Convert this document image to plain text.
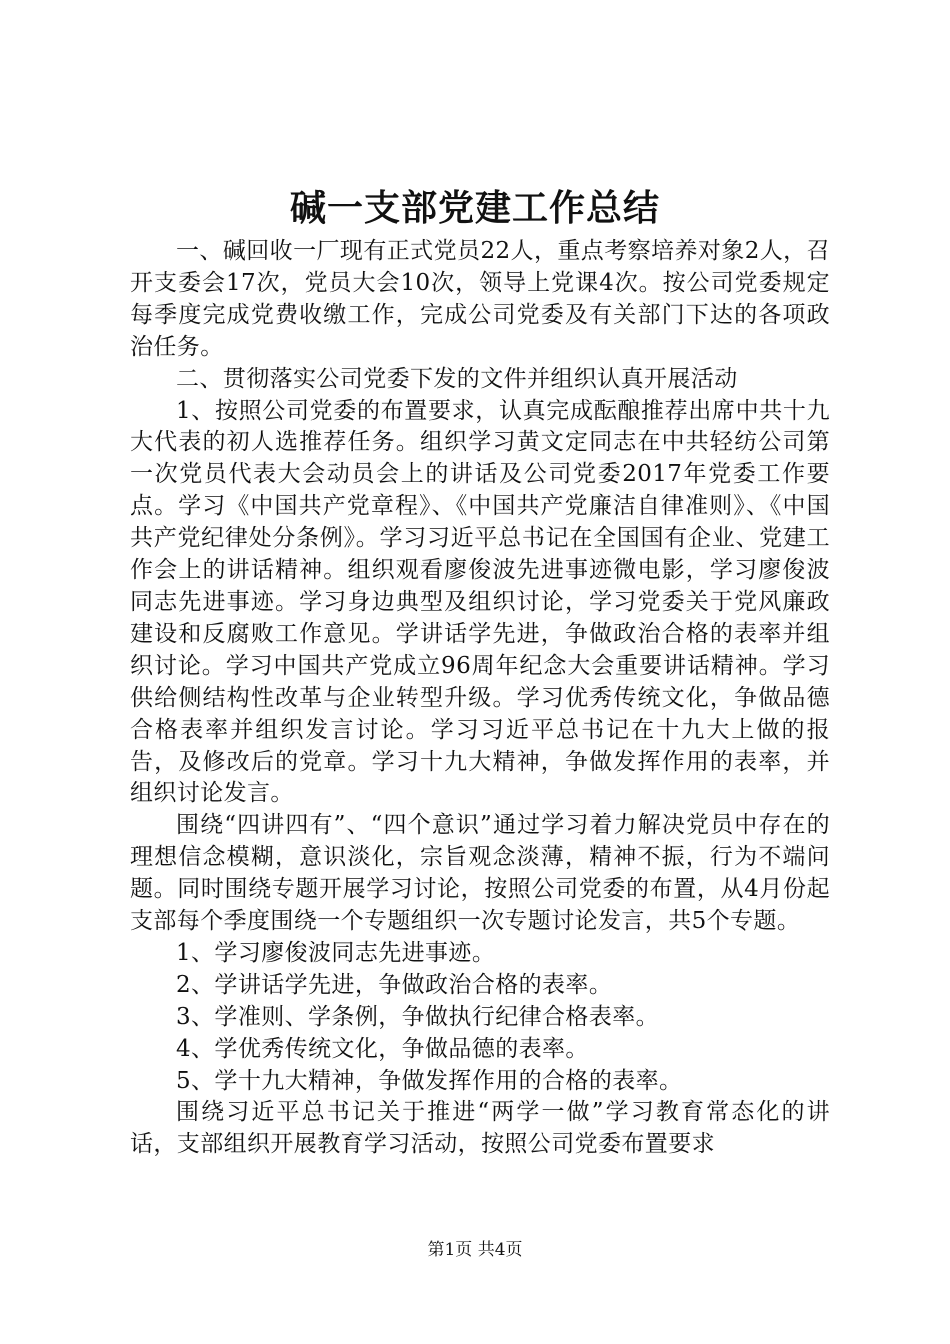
碱一支部党建工作总结

一、碱回收一厂现有正式党员22人，重点考察培养对象2人，召开支委会17次，党员大会10次，领导上党课4次。按公司党委规定每季度完成党费收缴工作，完成公司党委及有关部门下达的各项政治任务。

二、贯彻落实公司党委下发的文件并组织认真开展活动

1、按照公司党委的布置要求，认真完成酝酿推荐出席中共十九大代表的初人选推荐任务。组织学习黄文定同志在中共轻纺公司第一次党员代表大会动员会上的讲话及公司党委2017年党委工作要点。学习《中国共产党章程》、《中国共产党廉洁自律准则》、《中国共产党纪律处分条例》。学习习近平总书记在全国国有企业、党建工作会上的讲话精神。组织观看廖俊波先进事迹微电影，学习廖俊波同志先进事迹。学习身边典型及组织讨论，学习党委关于党风廉政建设和反腐败工作意见。学讲话学先进，争做政治合格的表率并组织讨论。学习中国共产党成立96周年纪念大会重要讲话精神。学习供给侧结构性改革与企业转型升级。学习优秀传统文化，争做品德合格表率并组织发言讨论。学习习近平总书记在十九大上做的报告，及修改后的党章。学习十九大精神，争做发挥作用的表率，并组织讨论发言。

围绕“四讲四有”、“四个意识”通过学习着力解决党员中存在的理想信念模糊，意识淡化，宗旨观念淡薄，精神不振，行为不端问题。同时围绕专题开展学习讨论，按照公司党委的布置，从4月份起支部每个季度围绕一个专题组织一次专题讨论发言，共5个专题。

1、学习廖俊波同志先进事迹。

2、学讲话学先进，争做政治合格的表率。

3、学准则、学条例，争做执行纪律合格表率。

4、学优秀传统文化，争做品德的表率。

5、学十九大精神，争做发挥作用的合格的表率。

围绕习近平总书记关于推进“两学一做”学习教育常态化的讲话，支部组织开展教育学习活动，按照公司党委布置要求

第1页 共4页
